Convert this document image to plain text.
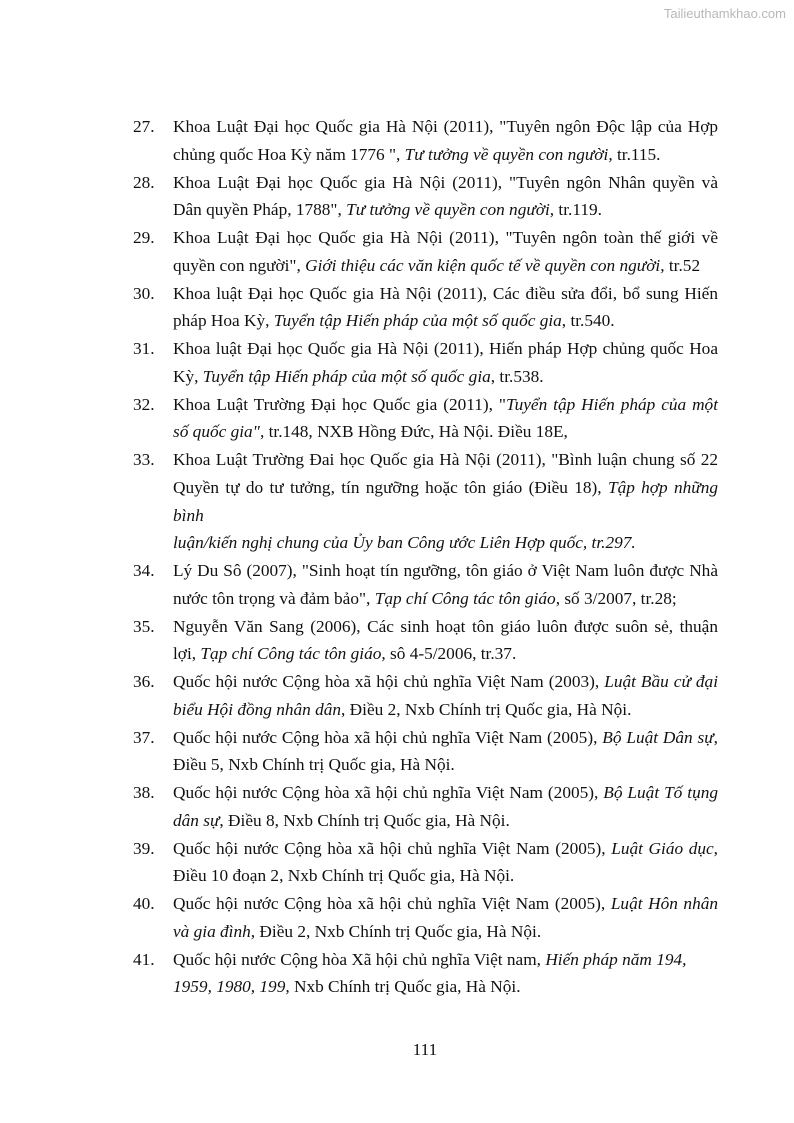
Tailieuthamkhao.com
27. Khoa Luật Đại học Quốc gia Hà Nội (2011), "Tuyên ngôn Độc lập của Hợp
chủng quốc Hoa Kỳ năm 1776 ", Tư tưởng về quyền con người, tr.115.
28. Khoa Luật Đại học Quốc gia Hà Nội (2011), "Tuyên ngôn Nhân quyền và
Dân quyền Pháp, 1788", Tư tưởng về quyền con người, tr.119.
29. Khoa Luật Đại học Quốc gia Hà Nội (2011), "Tuyên ngôn toàn thế giới về
quyền con người", Giới thiệu các văn kiện quốc tế về quyền con người, tr.52
30. Khoa luật Đại học Quốc gia Hà Nội (2011), Các điều sửa đổi, bổ sung Hiến
pháp Hoa Kỳ, Tuyển tập Hiến pháp của một số quốc gia, tr.540.
31. Khoa luật Đại học Quốc gia Hà Nội (2011), Hiến pháp Hợp chủng quốc Hoa
Kỳ, Tuyển tập Hiến pháp của một số quốc gia, tr.538.
32. Khoa Luật Trường Đại học Quốc gia (2011), "Tuyển tập Hiến pháp của một
số quốc gia", tr.148, NXB Hồng Đức, Hà Nội. Điều 18E,
33. Khoa Luật Trường Đai học Quốc gia Hà Nội (2011), "Bình luận chung số 22
Quyền tự do tư tưởng, tín ngưỡng hoặc tôn giáo (Điều 18), Tập hợp những bình
luận/kiến nghị chung của Ủy ban Công ước Liên Hợp quốc, tr.297.
34. Lý Du Sô (2007), "Sinh hoạt tín ngưỡng, tôn giáo ở Việt Nam luôn được Nhà
nước tôn trọng và đảm bảo", Tạp chí Công tác tôn giáo, số 3/2007, tr.28;
35. Nguyễn Văn Sang (2006), Các sinh hoạt tôn giáo luôn được suôn sẻ, thuận
lợi, Tạp chí Công tác tôn giáo, sô 4-5/2006, tr.37.
36. Quốc hội nước Cộng hòa xã hội chủ nghĩa Việt Nam (2003), Luật Bầu cử đại
biểu Hội đồng nhân dân, Điều 2, Nxb Chính trị Quốc gia, Hà Nội.
37. Quốc hội nước Cộng hòa xã hội chủ nghĩa Việt Nam (2005), Bộ Luật Dân sự,
Điều 5, Nxb Chính trị Quốc gia, Hà Nội.
38. Quốc hội nước Cộng hòa xã hội chủ nghĩa Việt Nam (2005), Bộ Luật Tố tụng
dân sự, Điều 8, Nxb Chính trị Quốc gia, Hà Nội.
39. Quốc hội nước Cộng hòa xã hội chủ nghĩa Việt Nam (2005), Luật Giáo dục,
Điều 10 đoạn 2, Nxb Chính trị Quốc gia, Hà Nội.
40. Quốc hội nước Cộng hòa xã hội chủ nghĩa Việt Nam (2005), Luật Hôn nhân
và gia đình, Điều 2, Nxb Chính trị Quốc gia, Hà Nội.
41. Quốc hội nước Cộng hòa Xã hội chủ nghĩa Việt nam, Hiến pháp năm 194,
1959, 1980, 199, Nxb Chính trị Quốc gia, Hà Nội.
111
